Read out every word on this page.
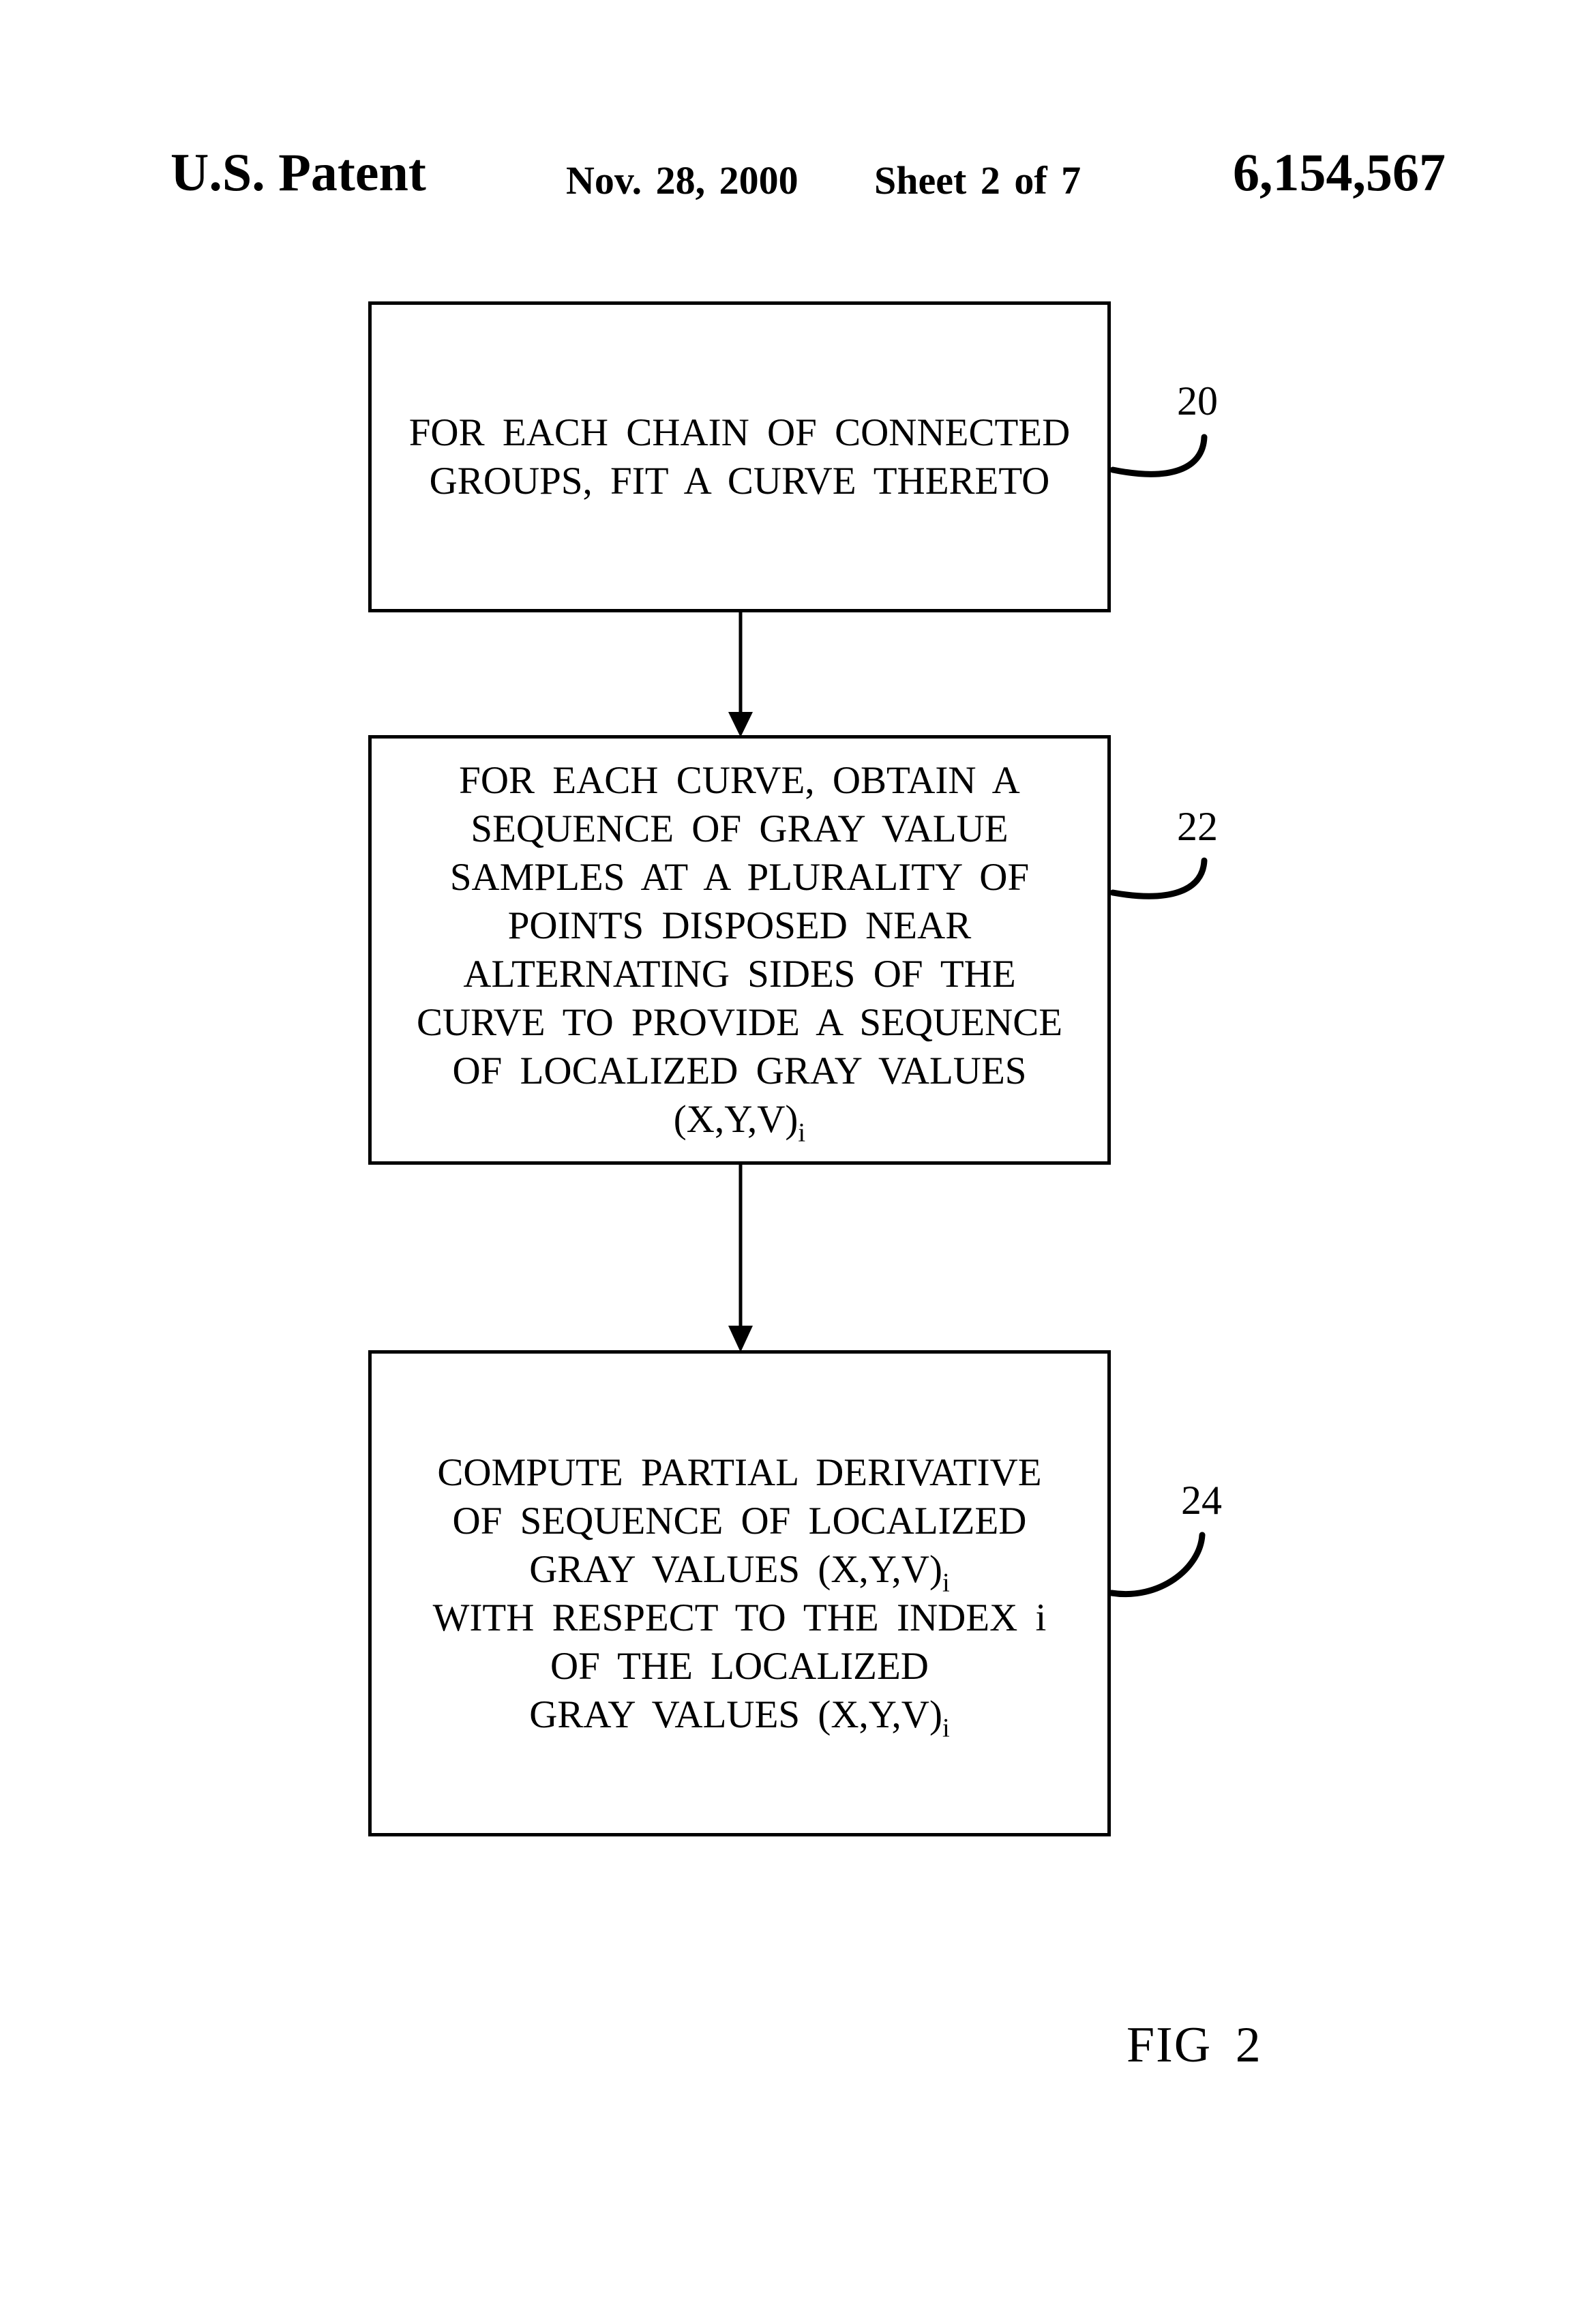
U.S. Patent	Nov. 28, 2000 Sheet 2 of 7	6,154,567
FOR EACH CHAIN OF CONNECTED
GROUPS, FIT A CURVE THERETO
FOR EACH CURVE, OBTAIN A
SEQUENCE OF GRAY VALUE
SAMPLES AT A PLURALITY OF
POINTS DISPOSED NEAR
ALTERNATING SIDES OF THE
CURVE TO PROVIDE A SEQUENCE
OF LOCALIZED GRAY VALUES
$(X,Y,V)_i$
COMPUTE PARTIAL DERIVATIVE
OF SEQUENCE OF LOCALIZED
GRAY VALUES $(X,Y,V)_i$
WITH RESPECT TO THE INDEX i
OF THE LOCALIZED
GRAY VALUES $(X,Y,V)_i$
20
22
24
FIG 2
